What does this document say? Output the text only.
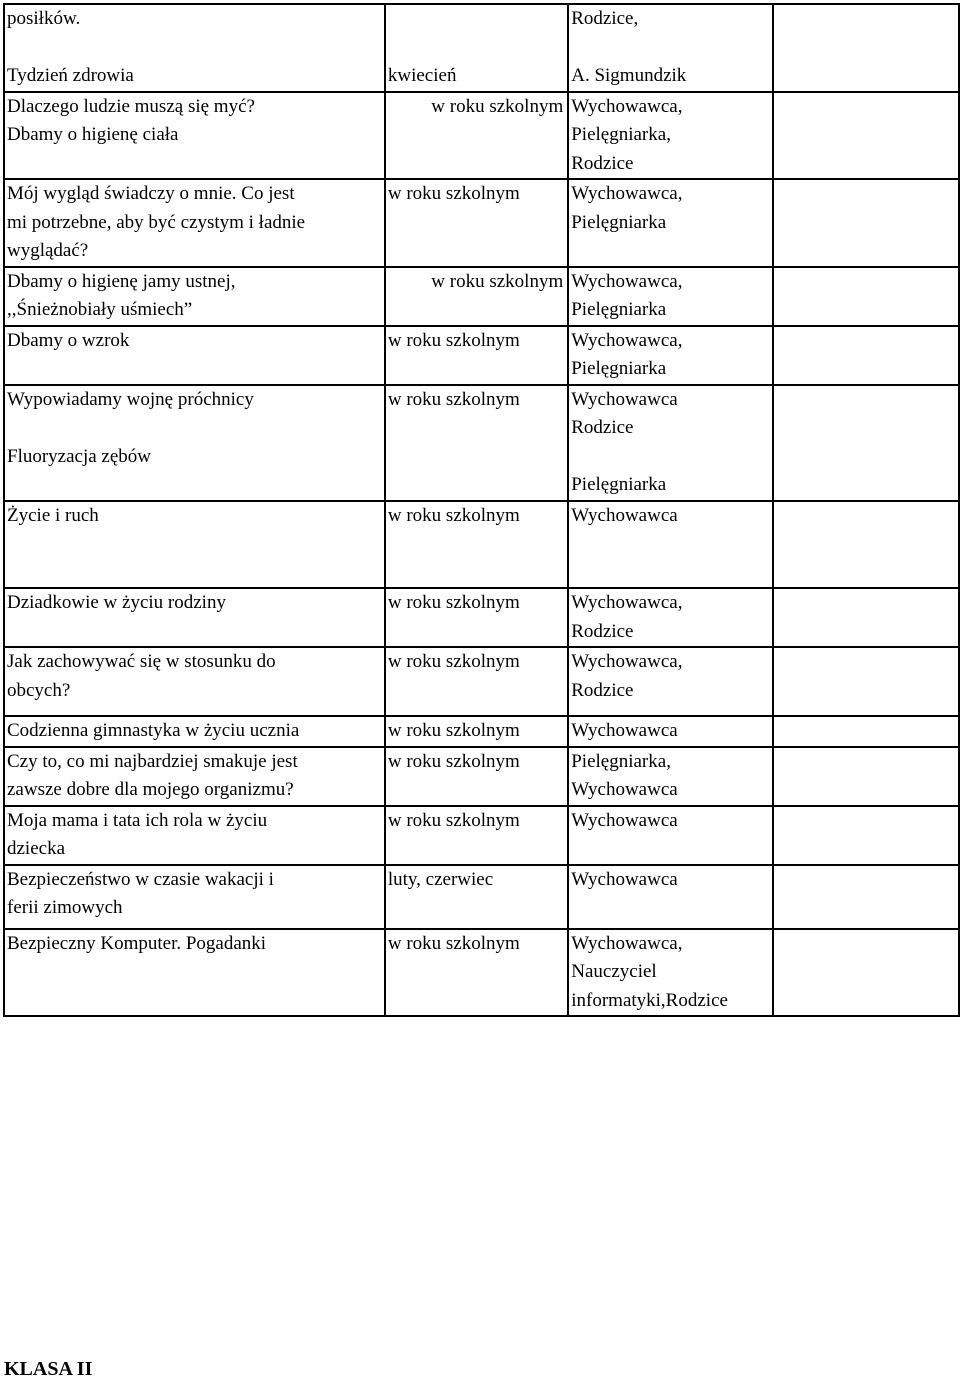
posiłków.
Tydzień zdrowia	kwiecień	Rodzice,
A. Sigmundzik	

Dlaczego ludzie muszą się myć?
Dbamy o higienę ciała	w roku szkolnym	Wychowawca,
Pielęgniarka,
Rodzice	

Mój wygląd świadczy o mnie. Co jest
mi potrzebne, aby być czystym i ładnie
wyglądać?	w roku szkolnym	Wychowawca,
Pielęgniarka	

Dbamy o higienę jamy ustnej,
,,Śnieżnobiały uśmiech”	w roku szkolnym	Wychowawca,
Pielęgniarka	

Dbamy o wzrok	w roku szkolnym	Wychowawca,
Pielęgniarka	

Wypowiadamy wojnę próchnicy
Fluoryzacja zębów	w roku szkolnym	Wychowawca
Rodzice
Pielęgniarka	

Życie i ruch	w roku szkolnym	Wychowawca	

Dziadkowie w życiu rodziny	w roku szkolnym	Wychowawca,
Rodzice	

Jak zachowywać się w stosunku do
obcych?	w roku szkolnym	Wychowawca,
Rodzice	

Codzienna gimnastyka w życiu ucznia	w roku szkolnym	Wychowawca	

Czy to, co mi najbardziej smakuje jest
zawsze dobre dla mojego organizmu?	w roku szkolnym	Pielęgniarka,
Wychowawca	

Moja mama i tata ich rola w życiu
dziecka	w roku szkolnym	Wychowawca	

Bezpieczeństwo w czasie wakacji i
ferii zimowych	luty, czerwiec	Wychowawca	

Bezpieczny Komputer. Pogadanki	w roku szkolnym	Wychowawca,
Nauczyciel
informatyki,Rodzice	

KLASA II
